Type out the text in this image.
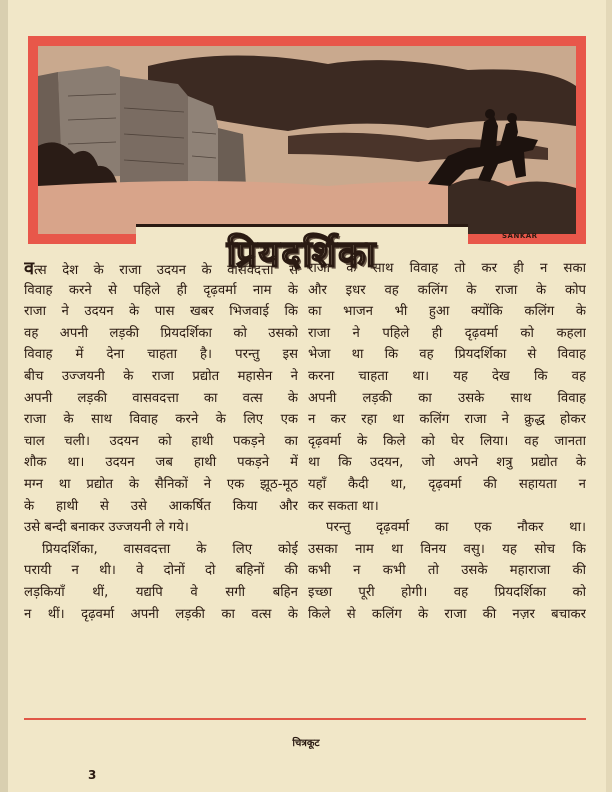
प्रियदर्शिका	SANKAR
वत्स देश के राजा उदयन के वासवदत्ता से
विवाह करने से पहिले ही दृढ़वर्मा नाम के
राजा ने उदयन के पास खबर भिजवाई कि
वह अपनी लड़की प्रियदर्शिका को उसको
विवाह में देना चाहता है। परन्तु इस
बीच उज्जयनी के राजा प्रद्योत महासेन ने
अपनी लड़की वासवदत्ता का वत्स के
राजा के साथ विवाह करने के लिए एक
चाल चली। उदयन को हाथी पकड़ने का
शौक था। उदयन जब हाथी पकड़ने में
मग्न था प्रद्योत के सैनिकों ने एक झूठ-मूठ
के हाथी से उसे आकर्षित किया और
उसे बन्दी बनाकर उज्जयनी ले गये।
प्रियदर्शिका, वासवदत्ता के लिए कोई
परायी न थी। वे दोनों दो बहिनों की
लड़कियाँ थीं, यद्यपि वे सगी बहिन
न थीं। दृढ़वर्मा अपनी लड़की का वत्स के
राजा के साथ विवाह तो कर ही न सका
और इधर वह कलिंग के राजा के कोप
का भाजन भी हुआ क्योंकि कलिंग के
राजा ने पहिले ही दृढ़वर्मा को कहला
भेजा था कि वह प्रियदर्शिका से विवाह
करना चाहता था। यह देख कि वह
अपनी लड़की का उसके साथ विवाह
न कर रहा था कलिंग राजा ने क्रुद्ध होकर
दृढ़वर्मा के किले को घेर लिया। वह जानता
था कि उदयन, जो अपने शत्रु प्रद्योत के
यहाँ कैदी था, दृढ़वर्मा की सहायता न
कर सकता था।
परन्तु दृढ़वर्मा का एक नौकर था।
उसका नाम था विनय वसु। यह सोच कि
कभी न कभी तो उसके महाराजा की
इच्छा पूरी होगी। वह प्रियदर्शिका को
किले से कलिंग के राजा की नज़र बचाकर
चित्रकूट
3
